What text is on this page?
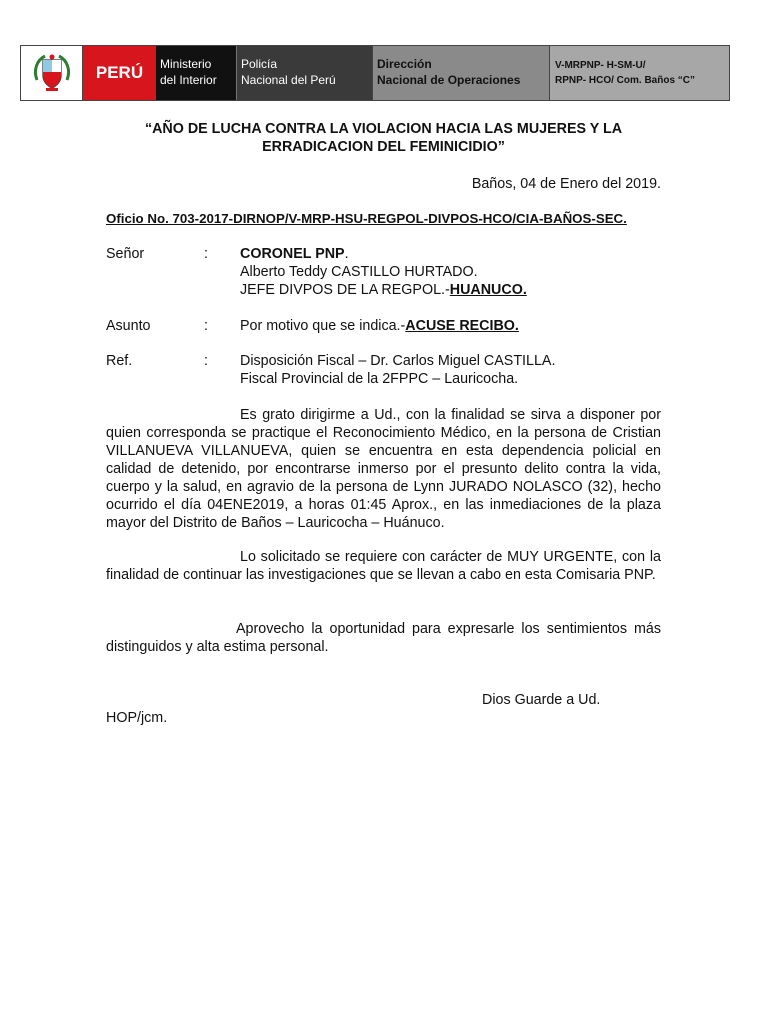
PERÚ	Ministerio
del Interior
Policía
Nacional del Perú
Dirección
Nacional de Operaciones
V-MRPNP- H-SM-U/
RPNP- HCO/ Com. Baños “C”
“AÑO DE LUCHA CONTRA LA VIOLACION HACIA LAS MUJERES Y LA ERRADICACION DEL FEMINICIDIO”
Baños, 04 de Enero del 2019.
Oficio No. 703-2017-DIRNOP/V-MRP-HSU-REGPOL-DIVPOS-HCO/CIA-BAÑOS-SEC.
Señor	: CORONEL PNP.
Alberto Teddy CASTILLO HURTADO.
JEFE DIVPOS DE LA REGPOL.-HUANUCO.
Asunto	: Por motivo que se indica.-ACUSE RECIBO.
Ref.	: Disposición Fiscal – Dr. Carlos Miguel CASTILLA.
Fiscal Provincial de la 2FPPC – Lauricocha.
Es grato dirigirme a Ud., con la finalidad se sirva a disponer por quien corresponda se practique el Reconocimiento Médico, en la persona de Cristian VILLANUEVA VILLANUEVA, quien se encuentra en esta dependencia policial en calidad de detenido, por encontrarse inmerso por el presunto delito contra la vida, cuerpo y la salud, en agravio de la persona de Lynn JURADO NOLASCO (32), hecho ocurrido el día 04ENE2019, a horas 01:45 Aprox., en las inmediaciones de la plaza mayor del Distrito de Baños – Lauricocha – Huánuco.
Lo solicitado se requiere con carácter de MUY URGENTE, con la finalidad de continuar las investigaciones que se llevan a cabo en esta Comisaria PNP.
Aprovecho la oportunidad para expresarle los sentimientos más distinguidos y alta estima personal.
Dios Guarde a Ud.
HOP/jcm.
